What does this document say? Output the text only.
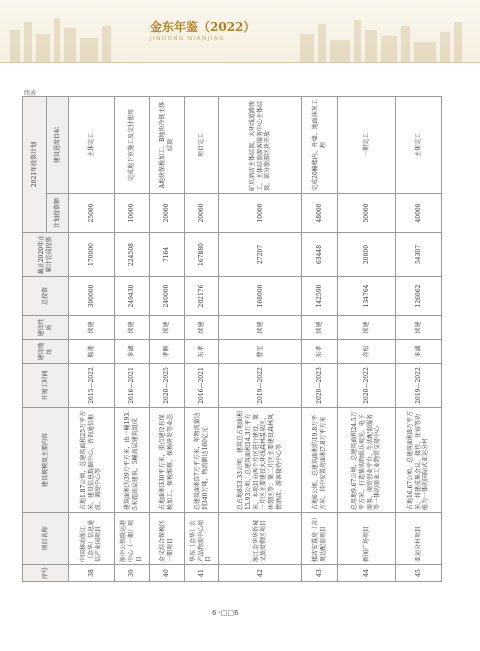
金东年鉴（2022）
JINDONG NIANJIAN
续表
序号	项目名称	建设规模及主要内容	开竣工时间	建设地址	建设性质	总投资	截止2020年止累计完成投资	2021年投资计划	
								计划投资额	建设进度目标
38	中国移动浙江（金华）信息通信产业园项目	占地1.87公顷，总建筑面积25万平方米，建设信息数据中心、咨询通信枢纽、调度中心等	2015—2022	鞍港	续建	300000	170000	25000	主体完工
39	浙中公铁联运港中心（一期）项目	建筑面积为39万平方米，由一幢193.5米超高层建筑，5幢高层建筑组成	2016—2021	多湖	续建	249430	224508	10000	完成地下室施工及交付使用
40	金义综合保税区一期项目	占地面积330平方米，重点建设有保税加工、保税维修、保税研发等业态	2020—2025	孝顺	续建	240000	7164	20000	A地块保税加工、B地块冷链主体结顶
41	华东（金华）农产品物流中心项目	总建筑面积57万平方米，年物流量达到340万吨，物流额达160亿元	2016—2021	东孝	续建	202176	167880	20000	项目完工
42	浙江金华华侨城文旅度假区项目	总占地853.33公顷，建筑总占地面积15.93公顷，总建筑面积14.3万平方米，本项目分两个片区进行建设，第一片区主要建设大环线森林温泉区、休憩区等；第二片区主要建设森林风情酒店、游客接待中心等	2019—2022	曹宅	续建	168000	27207	10000	矿坑酒店主体结顶，大环线道路竣工，主体结顶游客服务中心主体结顶，部分旅游区块开放
43	楼店安置房（含）周边配套项目	占地6公顷，总建筑面积约19.8万平方米，其中安置房面积7.8万平方米	2020—2023	东孝	续建	142590	63448	48000	完成20幢楼内、外墙、地面抹灰工程
44	新闻广场项目	总用地9.67公顷，总建筑面积24.5万平方米，打造集购物娱乐观光、电子商务、商贸创业平台、生活配套服务等一体的商业工业物贸交易中心	2020—2022	赤松	续建	134764	20000	50000	一期完工
45	亚运分村项目	占地16.67公顷，总建筑面积8万平方米，将建成集会议、接待、住宿等功能为一体的国际式亚运分村	2019—2022	多湖	续建	126062	54307	40000	主体完工
6 ·□□6
